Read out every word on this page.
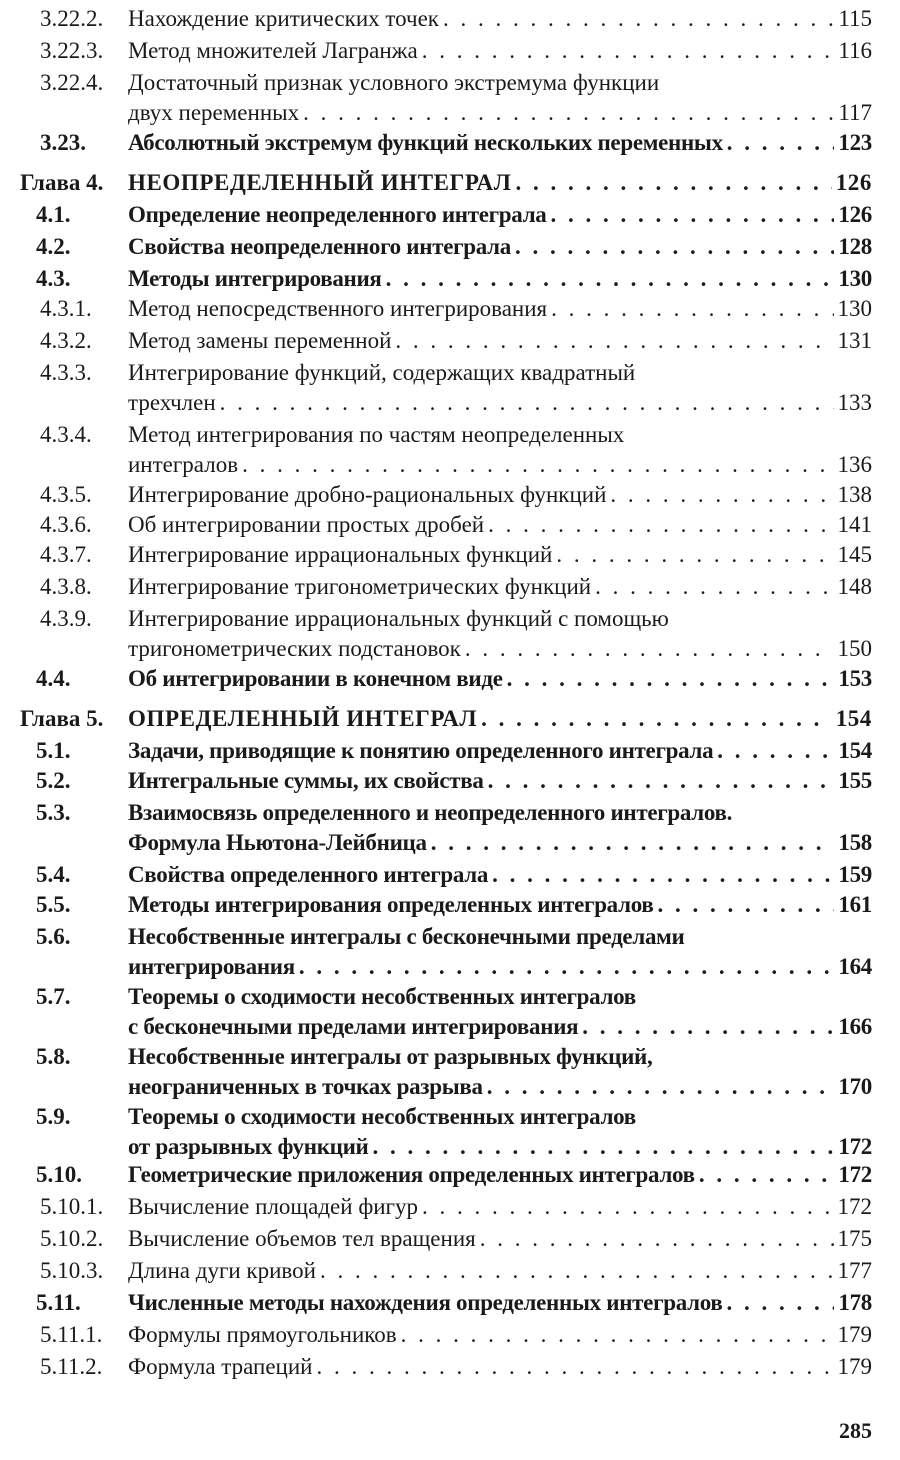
3.22.2. Нахождение критических точек . . .	115
3.22.3. Метод множителей Лагранжа . . .	116
3.22.4. Достаточный признак условного экстремума функции
двух переменных . . .	117
3.23. Абсолютный экстремум функций нескольких переменных . . .	123
Глава 4. НЕОПРЕДЕЛЕННЫЙ ИНТЕГРАЛ . . .	126
4.1.	Определение неопределенного интеграла . . .	126
4.2.	Свойства неопределенного интеграла . . .	128
4.3.	Методы интегрирования . . .	130
4.3.1. Метод непосредственного интегрирования . . .	130
4.3.2. Метод замены переменной . . .	131
4.3.3. Интегрирование функций, содержащих квадратный
трехчлен . . .	133
4.3.4. Метод интегрирования по частям неопределенных
интегралов . . .	136
4.3.5. Интегрирование дробно-рациональных функций . . .	138
4.3.6. Об интегрировании простых дробей . . .	141
4.3.7. Интегрирование иррациональных функций . . .	145
4.3.8. Интегрирование тригонометрических функций . . .	148
4.3.9. Интегрирование иррациональных функций с помощью
тригонометрических подстановок . . .	150
4.4.	Об интегрировании в конечном виде . . .	153
Глава 5. ОПРЕДЕЛЕННЫЙ ИНТЕГРАЛ . . .	154
5.1.	Задачи, приводящие к понятию определенного интеграла . . .	154
5.2.	Интегральные суммы, их свойства . . .	155
5.3.	Взаимосвязь определенного и неопределенного интегралов.
Формула Ньютона-Лейбница . . .	158
5.4.	Свойства определенного интеграла . . .	159
5.5.	Методы интегрирования определенных интегралов . . .	161
5.6.	Несобственные интегралы с бесконечными пределами
интегрирования . . .	164
5.7.	Теоремы о сходимости несобственных интегралов
с бесконечными пределами интегрирования . . .	166
5.8.	Несобственные интегралы от разрывных функций,
неограниченных в точках разрыва . . .	170
5.9.	Теоремы о сходимости несобственных интегралов
от разрывных функций . . .	172
5.10. Геометрические приложения определенных интегралов . . .	172
5.10.1. Вычисление площадей фигур . . .	172
5.10.2. Вычисление объемов тел вращения . . .	175
5.10.3. Длина дуги кривой . . .	177
5.11. Численные методы нахождения определенных интегралов . . .	178
5.11.1. Формулы прямоугольников . . .	179
5.11.2. Формула трапеций . . .	179
285
